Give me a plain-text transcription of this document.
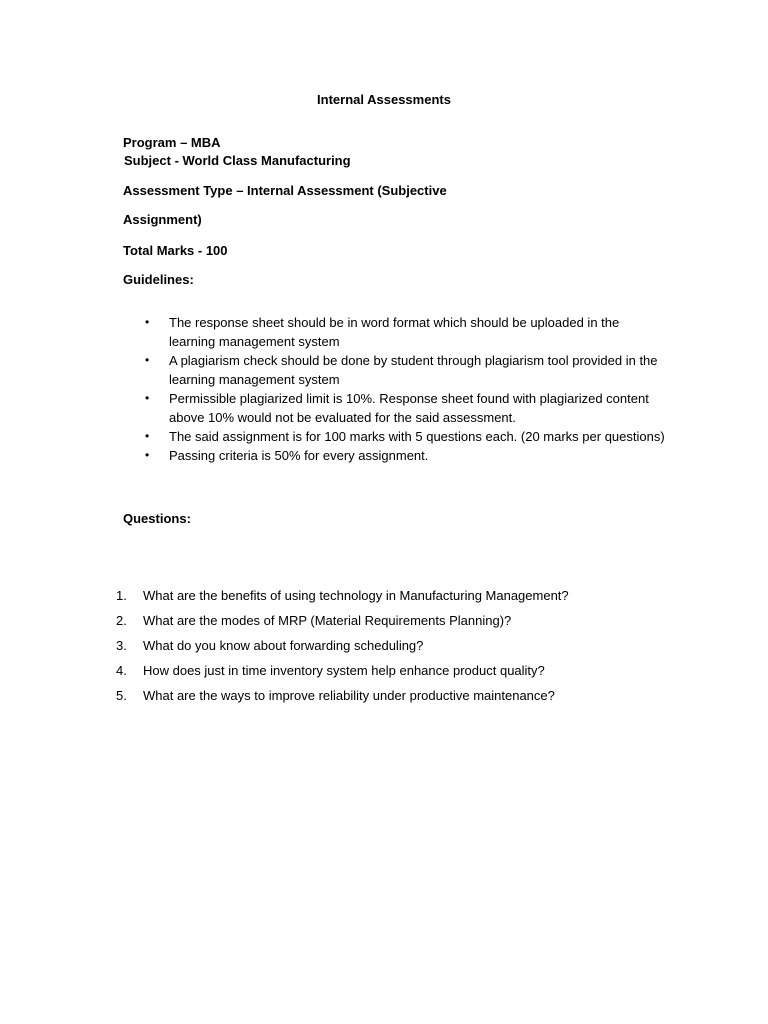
Internal Assessments
Program – MBA
Subject - World Class Manufacturing
Assessment Type – Internal Assessment (Subjective
Assignment)
Total Marks - 100
Guidelines:
• The response sheet should be in word format which should be uploaded in the learning management system
• A plagiarism check should be done by student through plagiarism tool provided in the learning management system
• Permissible plagiarized limit is 10%. Response sheet found with plagiarized content above 10% would not be evaluated for the said assessment.
• The said assignment is for 100 marks with 5 questions each. (20 marks per questions)
• Passing criteria is 50% for every assignment.
Questions:
1. What are the benefits of using technology in Manufacturing Management?
2. What are the modes of MRP (Material Requirements Planning)?
3. What do you know about forwarding scheduling?
4. How does just in time inventory system help enhance product quality?
5. What are the ways to improve reliability under productive maintenance?
